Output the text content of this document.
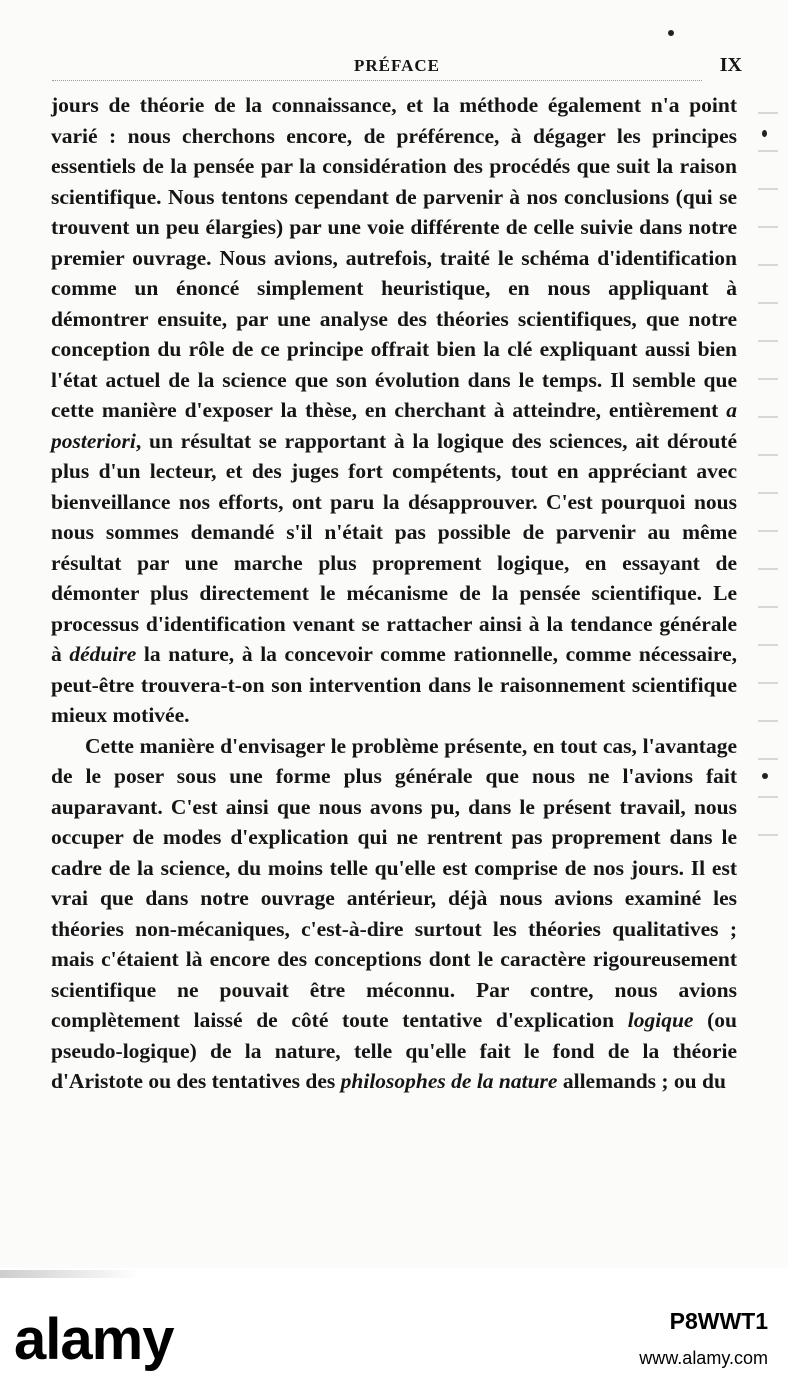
PRÉFACE	IX

jours de théorie de la connaissance, et la méthode également n'a point varié : nous cherchons encore, de préférence, à dégager les principes essentiels de la pensée par la considération des procédés que suit la raison scientifique. Nous tentons cependant de parvenir à nos conclusions (qui se trouvent un peu élargies) par une voie différente de celle suivie dans notre premier ouvrage. Nous avions, autrefois, traité le schéma d'identification comme un énoncé simplement heuristique, en nous appliquant à démontrer ensuite, par une analyse des théories scientifiques, que notre conception du rôle de ce principe offrait bien la clé expliquant aussi bien l'état actuel de la science que son évolution dans le temps. Il semble que cette manière d'exposer la thèse, en cherchant à atteindre, entièrement a posteriori, un résultat se rapportant à la logique des sciences, ait dérouté plus d'un lecteur, et des juges fort compétents, tout en appréciant avec bienveillance nos efforts, ont paru la désapprouver. C'est pourquoi nous nous sommes demandé s'il n'était pas possible de parvenir au même résultat par une marche plus proprement logique, en essayant de démonter plus directement le mécanisme de la pensée scientifique. Le processus d'identification venant se rattacher ainsi à la tendance générale à déduire la nature, à la concevoir comme rationnelle, comme nécessaire, peut-être trouvera-t-on son intervention dans le raisonnement scientifique mieux motivée.

Cette manière d'envisager le problème présente, en tout cas, l'avantage de le poser sous une forme plus générale que nous ne l'avions fait auparavant. C'est ainsi que nous avons pu, dans le présent travail, nous occuper de modes d'explication qui ne rentrent pas proprement dans le cadre de la science, du moins telle qu'elle est comprise de nos jours. Il est vrai que dans notre ouvrage antérieur, déjà nous avions examiné les théories non-mécaniques, c'est-à-dire surtout les théories qualitatives ; mais c'étaient là encore des conceptions dont le caractère rigoureusement scientifique ne pouvait être méconnu. Par contre, nous avions complètement laissé de côté toute tentative d'explication logique (ou pseudo-logique) de la nature, telle qu'elle fait le fond de la théorie d'Aristote ou des tentatives des philosophes de la nature allemands ; ou du

alamy	P8WWT1
www.alamy.com
